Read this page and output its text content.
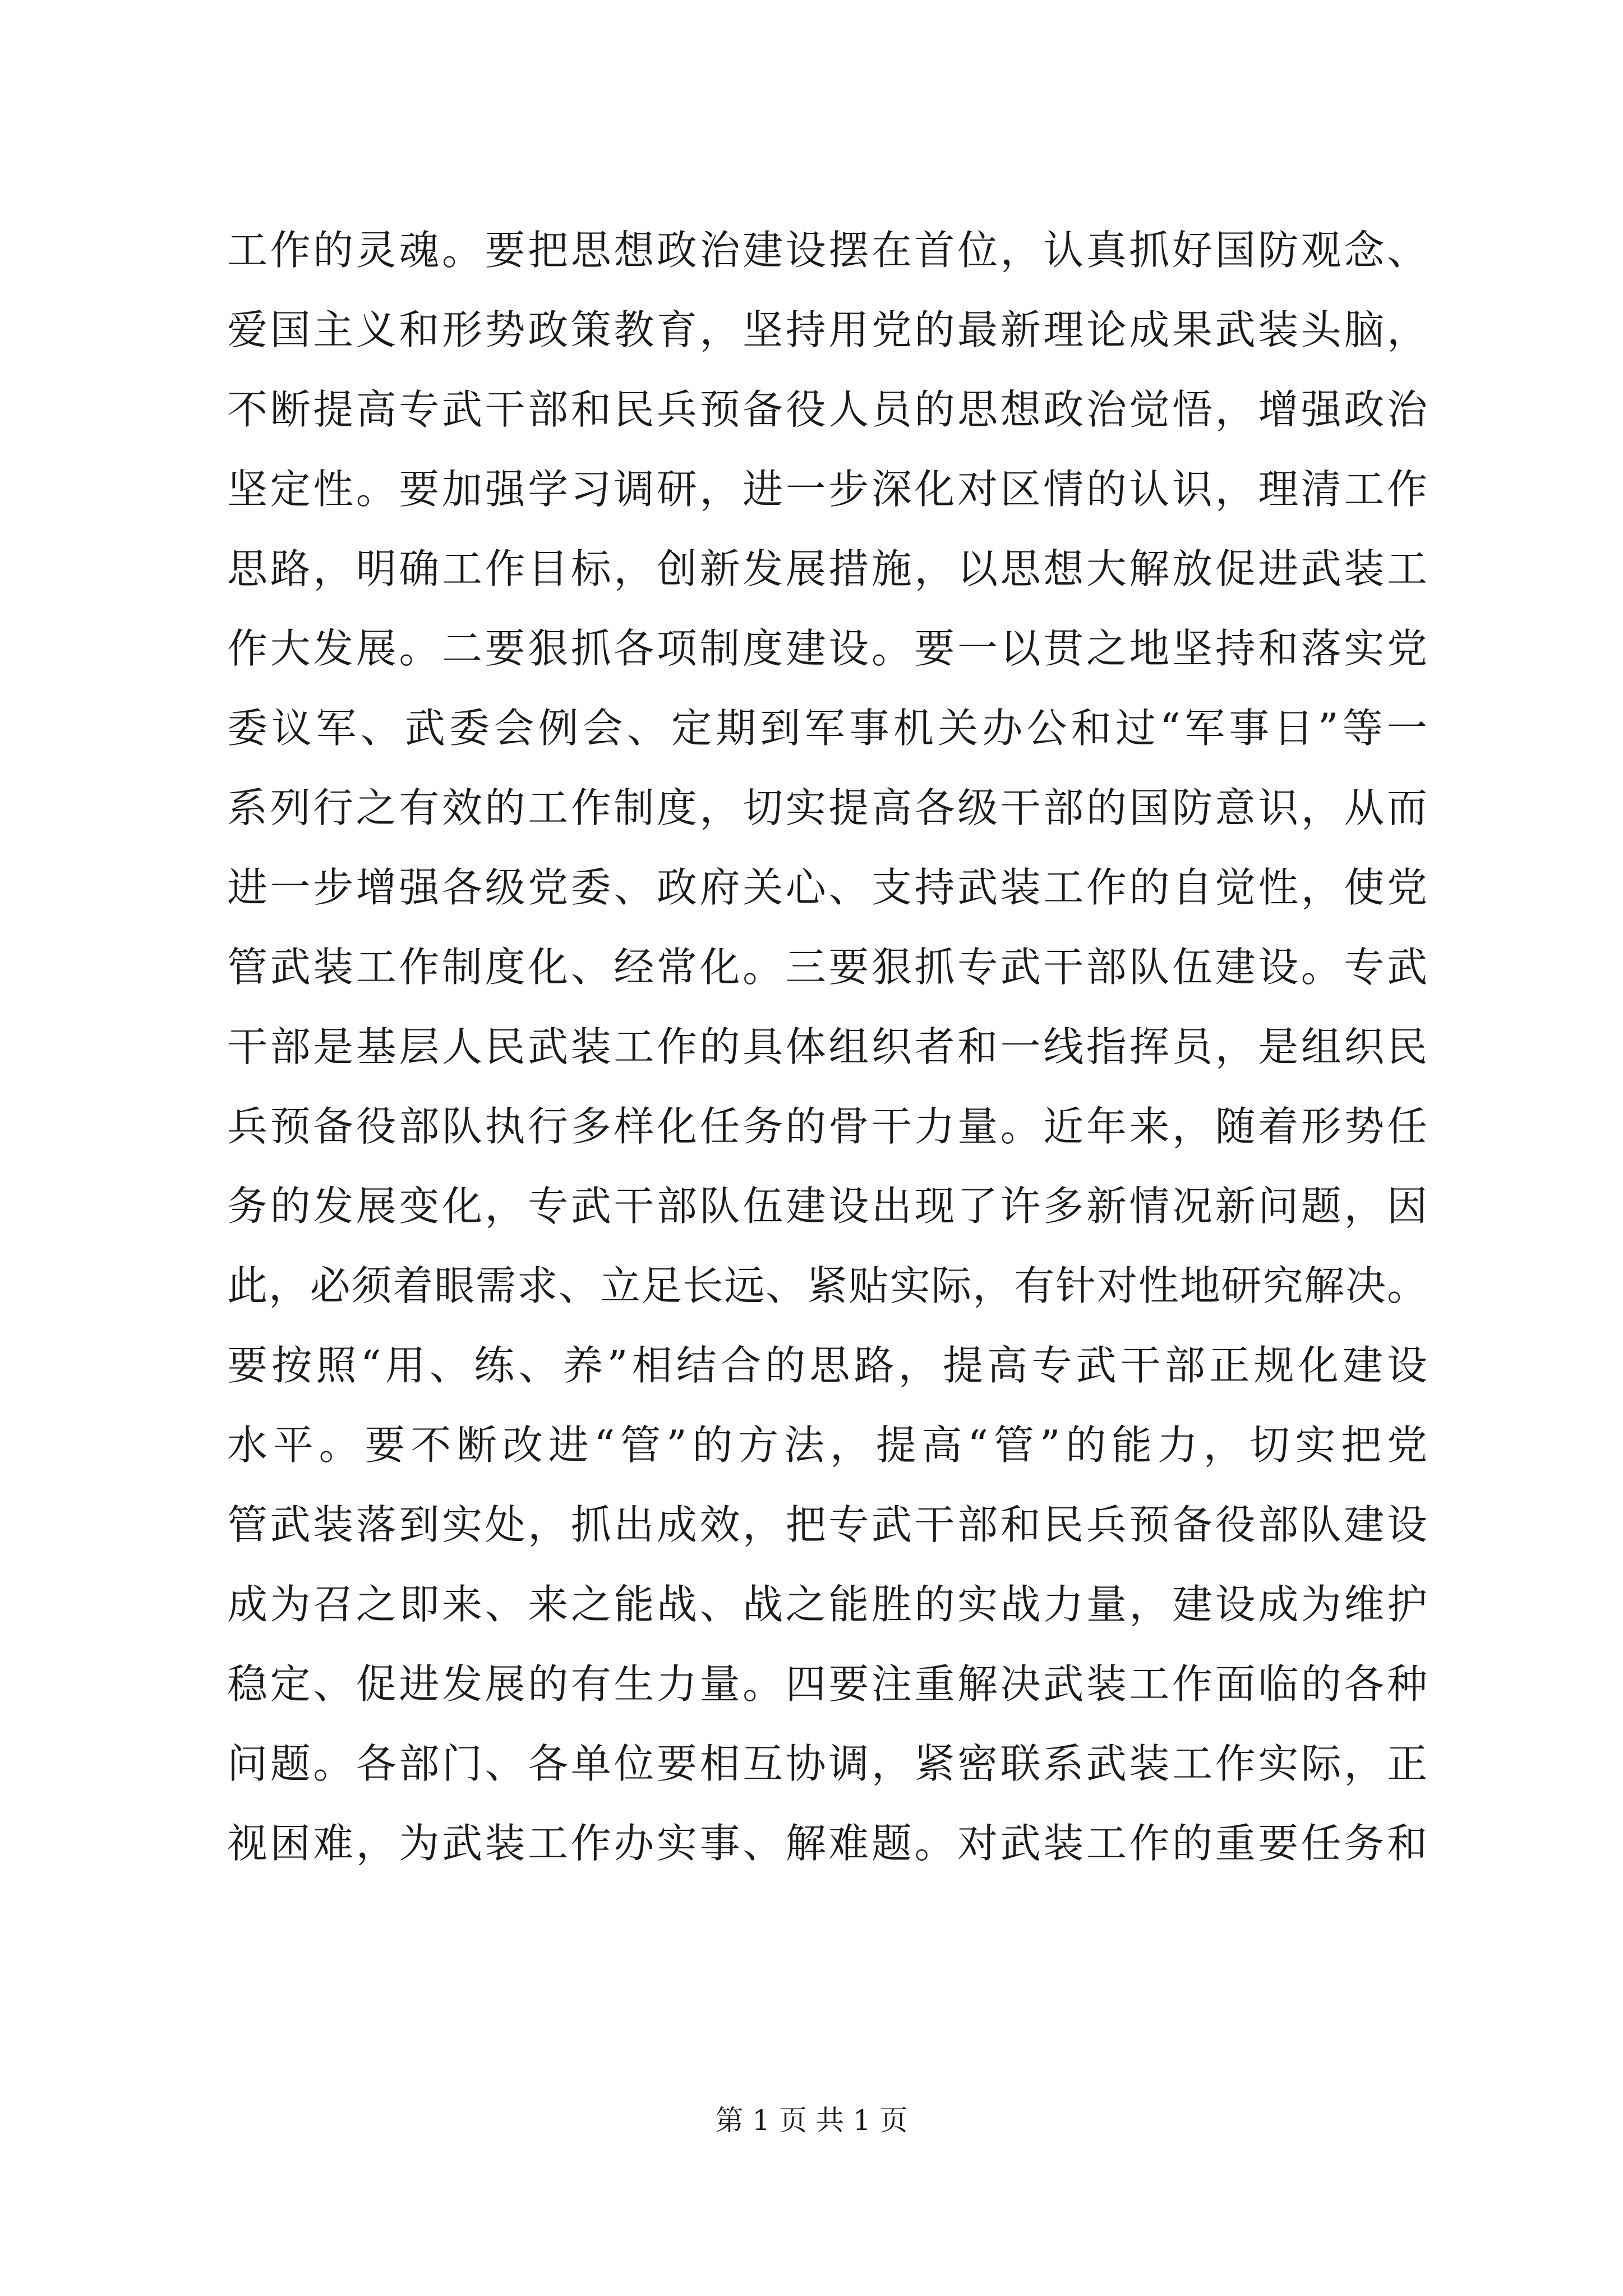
工作的灵魂。要把思想政治建设摆在首位，认真抓好国防观念、
爱国主义和形势政策教育，坚持用党的最新理论成果武装头脑，
不断提高专武干部和民兵预备役人员的思想政治觉悟，增强政治
坚定性。要加强学习调研，进一步深化对区情的认识，理清工作
思路，明确工作目标，创新发展措施，以思想大解放促进武装工
作大发展。二要狠抓各项制度建设。要一以贯之地坚持和落实党
委议军、武委会例会、定期到军事机关办公和过“军事日”等一
系列行之有效的工作制度，切实提高各级干部的国防意识，从而
进一步增强各级党委、政府关心、支持武装工作的自觉性，使党
管武装工作制度化、经常化。三要狠抓专武干部队伍建设。专武
干部是基层人民武装工作的具体组织者和一线指挥员，是组织民
兵预备役部队执行多样化任务的骨干力量。近年来，随着形势任
务的发展变化，专武干部队伍建设出现了许多新情况新问题，因
此，必须着眼需求、立足长远、紧贴实际，有针对性地研究解决。
要按照“用、练、养”相结合的思路，提高专武干部正规化建设
水平。要不断改进“管”的方法，提高“管”的能力，切实把党
管武装落到实处，抓出成效，把专武干部和民兵预备役部队建设
成为召之即来、来之能战、战之能胜的实战力量，建设成为维护
稳定、促进发展的有生力量。四要注重解决武装工作面临的各种
问题。各部门、各单位要相互协调，紧密联系武装工作实际，正
视困难，为武装工作办实事、解难题。对武装工作的重要任务和
第 1 页 共 1 页
